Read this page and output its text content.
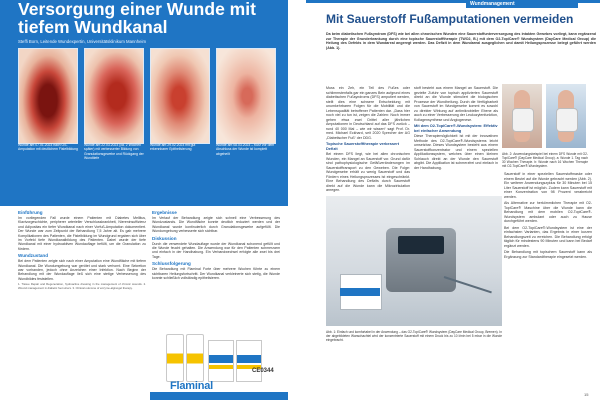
Versorgung einer Wunde mit
tiefem Wundkanal
Steffi Born, Leitende Wundexpertin, Universitätsklinikum Mannheim

Wunde am 07.01.2023 nach OS-Amputation mit deutlichem Fistelbildung

Wunde am 22.03.2023 (ca. 2 Wochen später) mit verbesserter Bildung von Granulationsgewebe und Rückgang der Wundtiefe

Wunde am 29.02.2023 mit gut erkennbarer Epithelisierung

Wunde am 08.03.2023 – Kurz vor dem Abschluss der Wunde ist komplett abgeheilt

Einführung

Im vorliegenden Fall wurde einem Patienten mit Diabetes Mellitus, Klavivorgeschichte, peripherer arterieller Verschlusskrankheit, Niereninsuffizienz und Adipositas ein tiefer Wundkanal nach einer Vorfuß-Amputation dokumentiert. Der Wunde war zum Zeitpunkt der Behandlung 7,5 Jahre alt. Es gab mehrere Komplikationen des Patienten, die Fistelbildung im Wundgrund ergaben sich über im Vorfeld tiefe Wundkanalbildung des Patienten. Dabei wurde der tiefe Wundkanal mit einer hydroaktiven Wundauflage befüllt, um die Granulation zu fördern.

Wundzustand

Bei dem Patienten zeigte sich nach einer Amputation eine Wundfläche mit tiefem Wundkanal. Die Wundumgebung war gerötet und stark verhornt. Eine Sekretion war vorhanden, jedoch ohne Anzeichen einer Infektion. Nach Beginn der Behandlung mit der Wundauflage ließ sich eine stetige Verbesserung des Wundbildes feststellen.

1. Tissue Repair and Regeneration, hydroactive dressing in the management of chronic wounds. 2. Wound management in diabetic foot ulcers. 3. Clinical outcome of enzyme-alginogel therapy.

Ergebnisse

Im Verlauf der Behandlung zeigte sich schnell eine Verbesserung des Wundzustands. Die Wundfläche konnte deutlich reduziert werden und der Wundkanal wurde kontinuierlich durch Granulationsgewebe aufgefüllt. Die Wundumgebung verbesserte sich sichtbar.

Diskussion

Durch die verwendete Wundauflage wurde der Wundkanal schonend gefüllt und die Wunde feucht gehalten. Die Anwendung war für den Patienten schmerzarm und einfach in der Handhabung. Ein Verbandwechsel erfolgte alle zwei bis drei Tage.

Schlussfolgerung

Die Behandlung mit Flaminal Forte über mehrere Wochen führte zu einem sichtbaren Heilungsfortschritt. Der Wundkanal verkleinerte sich stetig, die Wunde konnte schließlich vollständig epithelisieren.

Flaminal
CE0344
Wundmanagement
Mit Sauerstoff Fußamputationen vermeiden

Da beim diabetischen Fußsyndrom (DFS) wie bei allen chronischen Wunden eine Sauerstoffunterversorgung des intakten Gewebes vorliegt, kann ergänzend zur Therapie der Grunderkrankung durch eine topische Sauerstofftherapie (TWO2, B.) mit dem O2-TopiCare® Wundsystem (DayCare Medical Group) die Heilung des Defekts in dem Wundareal angeregt werden. Das Defizit in dem Wundareal ausgeglichen und damit Heilungsprozesse belegt geführt werden (Abb. 1).

Muss ein Zeh, ein Teil des Fußes oder schlimmstenfalls gar ein ganzes Bein aufgrund eines diabetischen Fußsyndroms (DFS) amputiert werden, stellt dies eine schwere Entscheidung mit unumkehrbaren Folgen für die Mobilität und die Lebensqualität betroffener Patienten dar. „Dass hier noch viel zu tun ist, zeigen die Zahlen: Noch immer gehen etwa zwei Drittel aller jährlichen Amputationen in Deutschland auf das DFS zurück – rund 40 000 Mal – wie wir wissen“ sagt Prof. Dr. med. Michael Eckhard, seit 2020 Sprecher der AG „Diabetischer Fuß“ der DDG.

Topische Sauerstofftherapie verbessert Defizit

Bei einem DFS liegt, wie bei allen chronischen Wunden, ein Mangel an Sauerstoff vor. Grund dafür sind pathophysiologische Gefäßveränderungen im Sauerstofftransport zu den Geweben. Die Folge: Wundgewebe erhält zu wenig Sauerstoff und das Fördern eines Heilungsprozesses ist eingeschränkt. Eine Behandlung des Defizits durch Sauerstoff direkt auf die Wunde kann die Mikrozirkulation anregen.

stoff besteht aus einem Mangel an Sauerstoff. Die gezielte Zufuhr von topisch applizierten Sauerstoff direkt an die Wunde stimuliert die biologischen Prozesse der Wundheilung. Durch die Verfügbarkeit von Sauerstoff im Wundgewebe kommt es sowohl zu direkter Wirkung auf antimikrobieller Ebene als auch zu einer Verbesserung der Leukozytenfunktion, Kollagensynthese und Angiogenese.

Mit dem O2-TopiCare®-Wundsystem: Effektiv bei einfacher Anwendung

Diese Therapiemöglichkeit ist mit der innovativen Methode des O2-TopiCare®-Wundsystems leicht umsetzbar. Dieses Wundsystem besteht aus einem Sauerstoffkonzentrator und einem speziellen Applikationssystem, welches über einen kleinen Schlauch direkt an der Wunde den Sauerstoff abgibt. Die Applikation ist schmerzfrei und einfach in der Handhabung.

Vorher	Nachher

Abb. 2: Anwendungsbeispiel bei einem DFS Wunde mit O2-TopiCare® (DayCare Medical Group). a: Wunde 1. Tag nach 30 Wochen Therapie. b: Wunde nach 16 Wochen Therapie mit O2-TopiCare®-Wundsystem.

Sauerstoff in einer speziellen Sauerstoffmaske oder einem Beutel auf die Wunde gebracht werden (Abb. 2). Ein weiterer Anwendungszyklus für 30 Minuten bei 15 Liter Sauerstoff ist möglich. Zudem kann Sauerstoff mit einer Konzentration von 98 Prozent verabreicht werden.

Als Alternative zur herkömmlichen Therapie mit O2-TopiCare® Maschine über die Wunde kann die Behandlung mit dem mobilen O2-TopiCare®-Wundsystem ambulant oder auch zu Hause durchgeführt werden.

Bei dem O2-TopiCare®-Wundsystem ist eine der einfachsten Varianten, das Ergebnis in einer kurzen Behandlungszeit zu erreichen. Die Behandlung erfolgt täglich für mindestens 90 Minuten und kann bei Bedarf ergänzt werden.

Die Behandlung mit topischem Sauerstoff kann als Ergänzung zur Standardtherapie eingesetzt werden.

Abb. 1: Einfach und komfortabel in der Anwendung – das O2-TopiCare® Wundsystem (DayCare Medical Group, Bremen). In der abgebildeten Wanschachtel wird der konzentrierte Sauerstoff mit einem Druck bis zu 10 l/min bei 5 mbar in die Wunde eingebracht.

15
